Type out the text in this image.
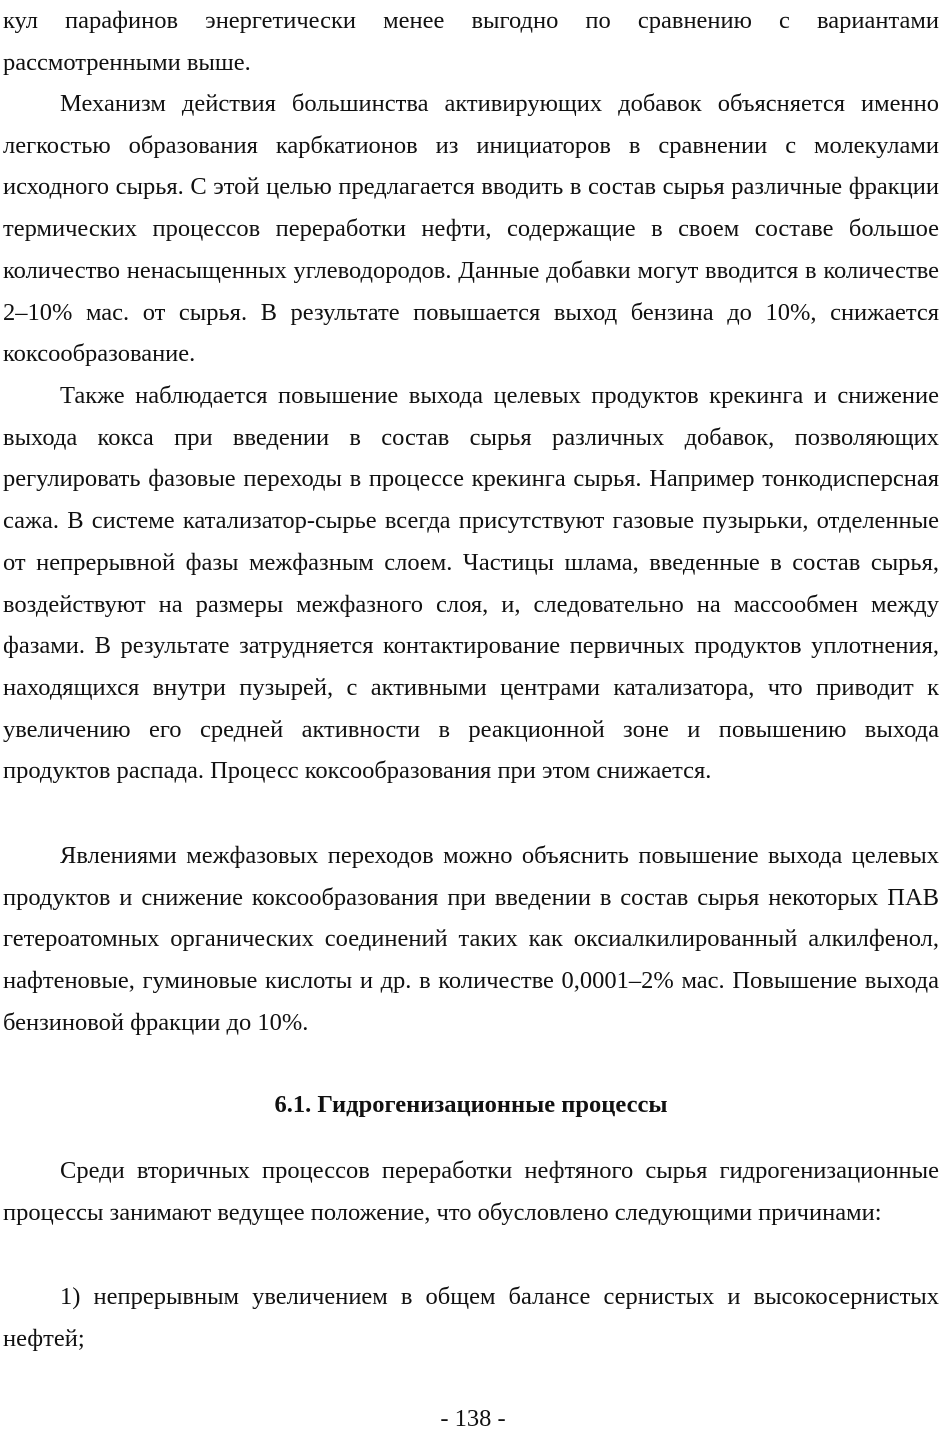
кул парафинов энергетически менее выгодно по сравнению с вариантами рассмотренными выше.

Механизм действия большинства активирующих добавок объясняется именно легкостью образования карбкатионов из инициаторов в сравнении с молекулами исходного сырья. С этой целью предлагается вводить в состав сырья различные фракции термических процессов переработки нефти, содержащие в своем составе большое количество ненасыщенных углеводородов. Данные добавки могут вводится в количестве 2–10% мас. от сырья. В результате повышается выход бензина до 10%, снижается коксообразование.

Также наблюдается повышение выхода целевых продуктов крекинга и снижение выхода кокса при введении в состав сырья различных добавок, позволяющих регулировать фазовые переходы в процессе крекинга сырья. Например тонкодисперсная сажа. В системе катализатор-сырье всегда присутствуют газовые пузырьки, отделенные от непрерывной фазы межфазным слоем. Частицы шлама, введенные в состав сырья, воздействуют на размеры межфазного слоя, и, следовательно на массообмен между фазами. В результате затрудняется контактирование первичных продуктов уплотнения, находящихся внутри пузырей, с активными центрами катализатора, что приводит к увеличению его средней активности в реакционной зоне и повышению выхода продуктов распада. Процесс коксообразования при этом снижается.

Явлениями межфазовых переходов можно объяснить повышение выхода целевых продуктов и снижение коксообразования при введении в состав сырья некоторых ПАВ гетероатомных органических соединений таких как оксиалкилированный алкилфенол, нафтеновые, гуминовые кислоты и др. в количестве 0,0001–2% мас. Повышение выхода бензиновой фракции до 10%.

6.1. Гидрогенизационные процессы

Среди вторичных процессов переработки нефтяного сырья гидрогенизационные процессы занимают ведущее положение, что обусловлено следующими причинами:

1) непрерывным увеличением в общем балансе сернистых и высокосернистых нефтей;

- 138 -
